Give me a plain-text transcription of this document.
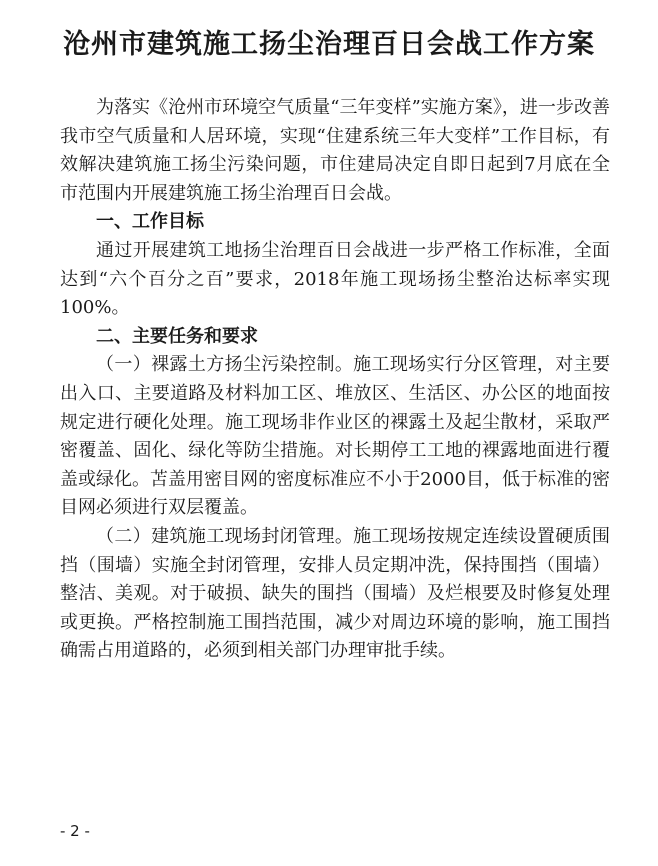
沧州市建筑施工扬尘治理百日会战工作方案

为落实《沧州市环境空气质量“三年变样”实施方案》，进一步改善我市空气质量和人居环境，实现“住建系统三年大变样”工作目标，有效解决建筑施工扬尘污染问题，市住建局决定自即日起到7月底在全市范围内开展建筑施工扬尘治理百日会战。

一、工作目标

通过开展建筑工地扬尘治理百日会战进一步严格工作标准，全面达到“六个百分之百”要求，2018年施工现场扬尘整治达标率实现100%。

二、主要任务和要求

（一）裸露土方扬尘污染控制。施工现场实行分区管理，对主要出入口、主要道路及材料加工区、堆放区、生活区、办公区的地面按规定进行硬化处理。施工现场非作业区的裸露土及起尘散材，采取严密覆盖、固化、绿化等防尘措施。对长期停工工地的裸露地面进行覆盖或绿化。苫盖用密目网的密度标准应不小于2000目，低于标准的密目网必须进行双层覆盖。

（二）建筑施工现场封闭管理。施工现场按规定连续设置硬质围挡（围墙）实施全封闭管理，安排人员定期冲洗，保持围挡（围墙）整洁、美观。对于破损、缺失的围挡（围墙）及烂根要及时修复处理或更换。严格控制施工围挡范围，减少对周边环境的影响，施工围挡确需占用道路的，必须到相关部门办理审批手续。

- 2 -
